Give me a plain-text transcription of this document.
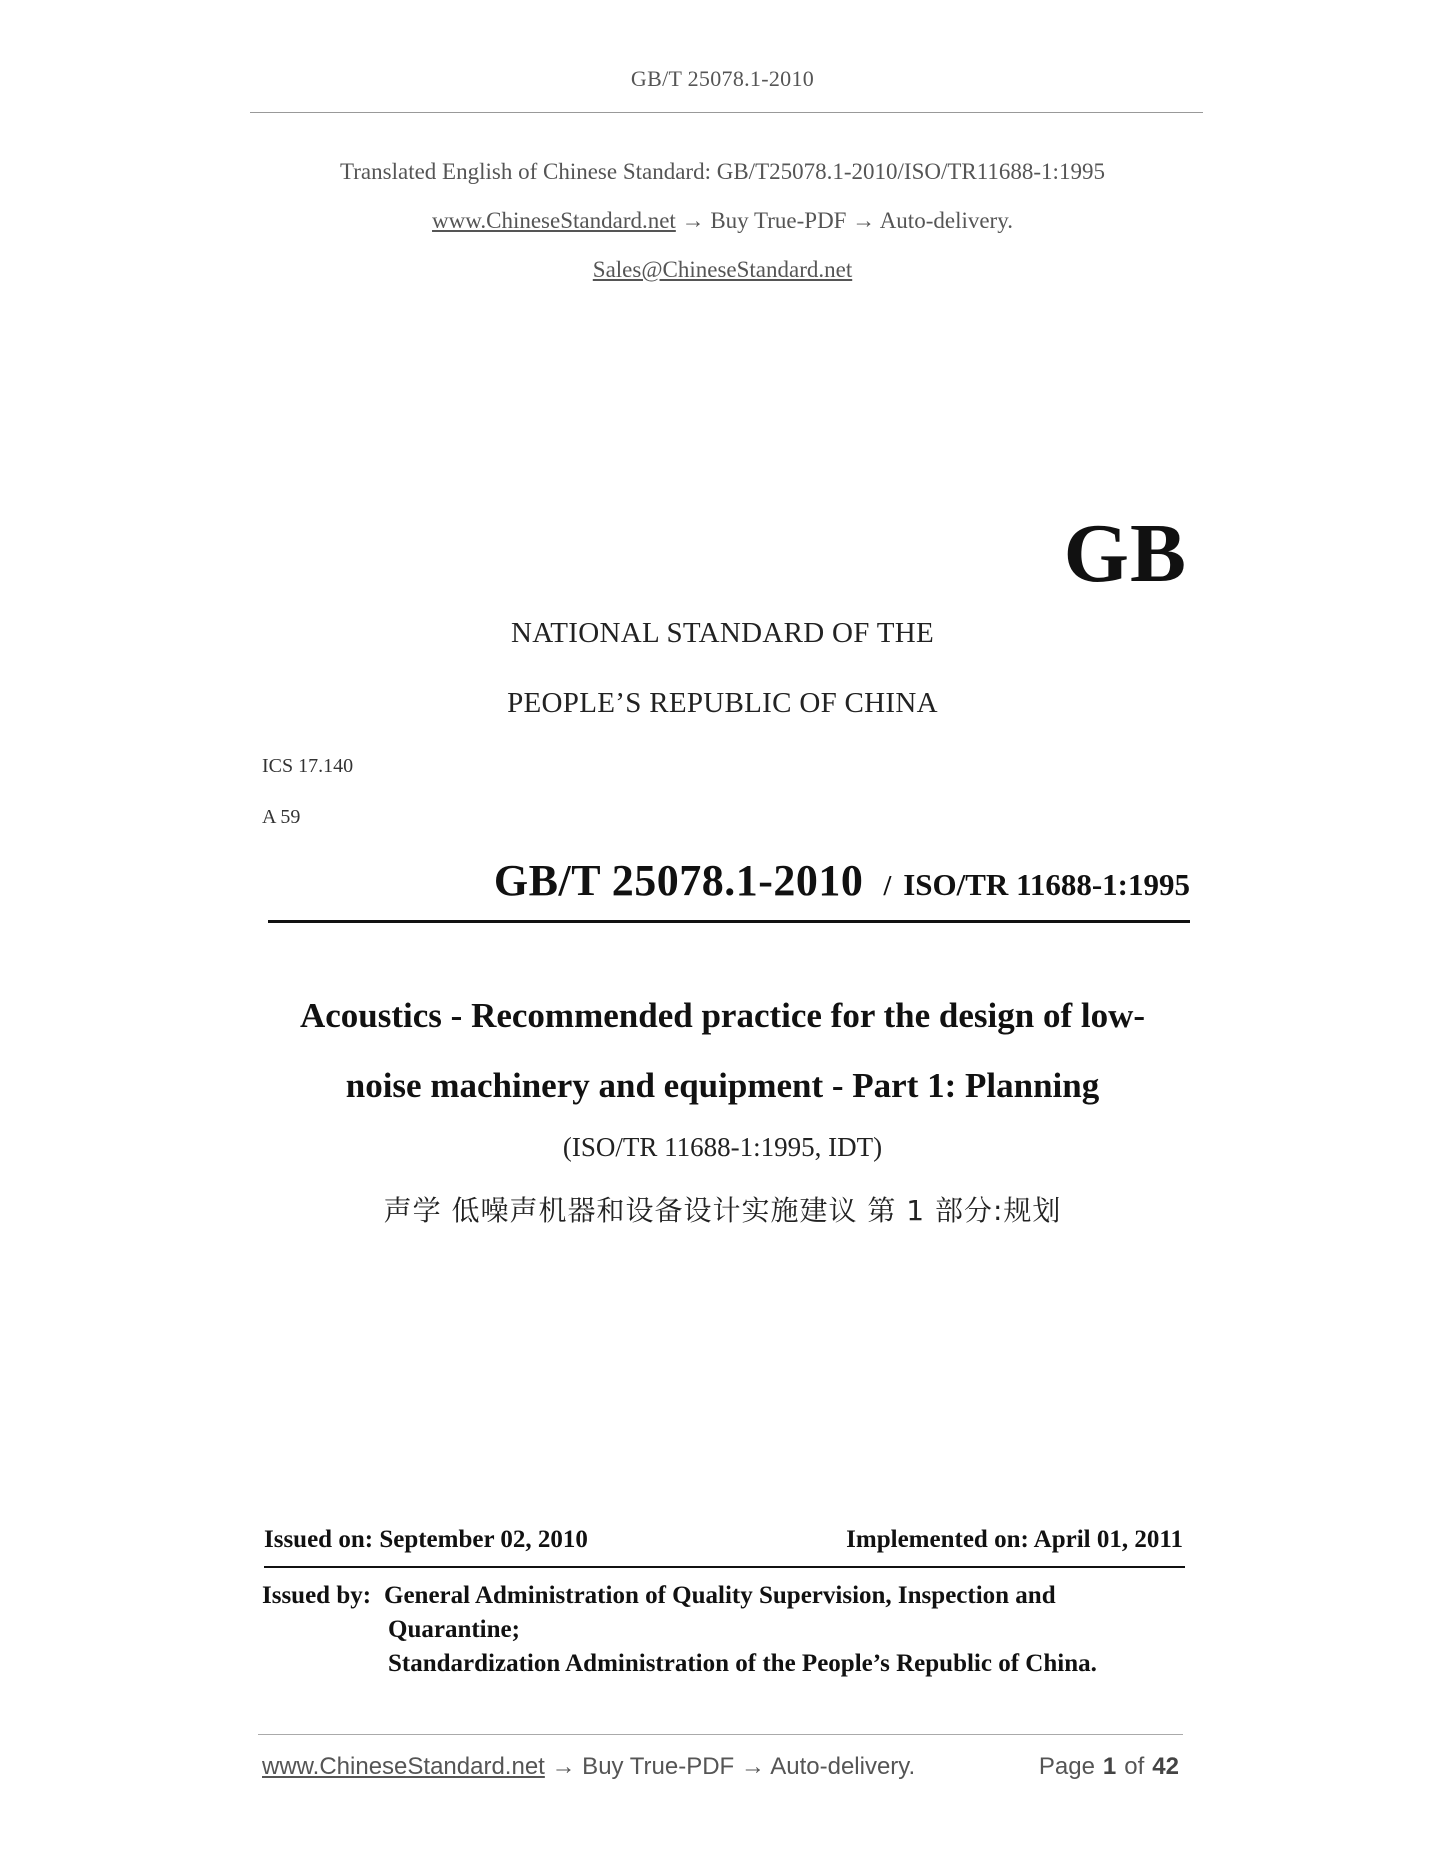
GB/T 25078.1-2010
Translated English of Chinese Standard: GB/T25078.1-2010/ISO/TR11688-1:1995
www.ChineseStandard.net → Buy True-PDF → Auto-delivery.
Sales@ChineseStandard.net
GB
NATIONAL STANDARD OF THE
PEOPLE’S REPUBLIC OF CHINA
ICS 17.140
A 59
GB/T 25078.1-2010 / ISO/TR 11688-1:1995
Acoustics - Recommended practice for the design of low-
noise machinery and equipment - Part 1: Planning
(ISO/TR 11688-1:1995, IDT)
声学 低噪声机器和设备设计实施建议 第 1 部分:规划
Issued on: September 02, 2010	Implemented on: April 01, 2011
Issued by: General Administration of Quality Supervision, Inspection and
Quarantine;
Standardization Administration of the People’s Republic of China.
www.ChineseStandard.net → Buy True-PDF → Auto-delivery.	Page 1 of 42
